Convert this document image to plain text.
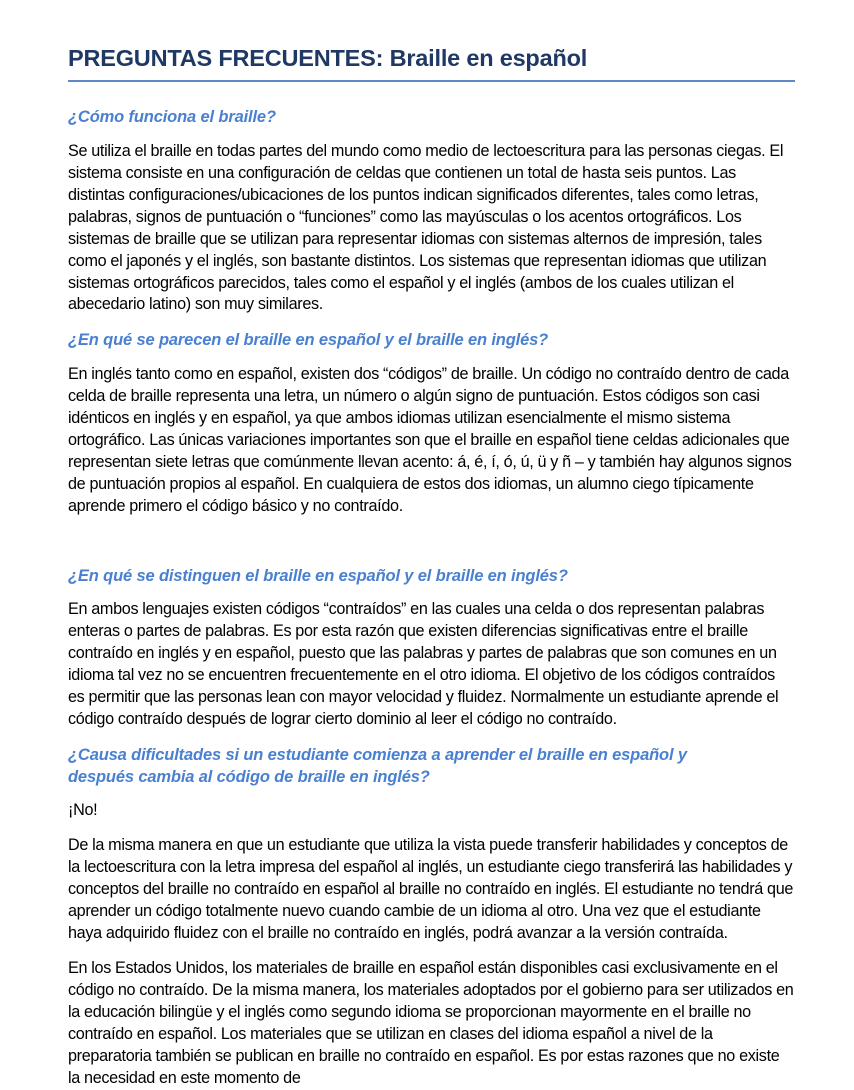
PREGUNTAS FRECUENTES: Braille en español
¿Cómo funciona el braille?

Se utiliza el braille en todas partes del mundo como medio de lectoescritura para las personas ciegas. El sistema consiste en una configuración de celdas que contienen un total de hasta seis puntos. Las distintas configuraciones/ubicaciones de los puntos indican significados diferentes, tales como letras, palabras, signos de puntuación o “funciones” como las mayúsculas o los acentos ortográficos. Los sistemas de braille que se utilizan para representar idiomas con sistemas alternos de impresión, tales como el japonés y el inglés, son bastante distintos. Los sistemas que representan idiomas que utilizan sistemas ortográficos parecidos, tales como el español y el inglés (ambos de los cuales utilizan el abecedario latino) son muy similares.

¿En qué se parecen el braille en español y el braille en inglés?

En inglés tanto como en español, existen dos “códigos” de braille. Un código no contraído dentro de cada celda de braille representa una letra, un número o algún signo de puntuación. Estos códigos son casi idénticos en inglés y en español, ya que ambos idiomas utilizan esencialmente el mismo sistema ortográfico. Las únicas variaciones importantes son que el braille en español tiene celdas adicionales que representan siete letras que comúnmente llevan acento: á, é, í, ó, ú, ü y ñ – y también hay algunos signos de puntuación propios al español. En cualquiera de estos dos idiomas, un alumno ciego típicamente aprende primero el código básico y no contraído.

¿En qué se distinguen el braille en español y el braille en inglés?

En ambos lenguajes existen códigos “contraídos” en las cuales una celda o dos representan palabras enteras o partes de palabras. Es por esta razón que existen diferencias significativas entre el braille contraído en inglés y en español, puesto que las palabras y partes de palabras que son comunes en un idioma tal vez no se encuentren frecuentemente en el otro idioma. El objetivo de los códigos contraídos es permitir que las personas lean con mayor velocidad y fluidez. Normalmente un estudiante aprende el código contraído después de lograr cierto dominio al leer el código no contraído.

¿Causa dificultades si un estudiante comienza a aprender el braille en español y
después cambia al código de braille en inglés?

¡No!

De la misma manera en que un estudiante que utiliza la vista puede transferir habilidades y conceptos de la lectoescritura con la letra impresa del español al inglés, un estudiante ciego transferirá las habilidades y conceptos del braille no contraído en español al braille no contraído en inglés. El estudiante no tendrá que aprender un código totalmente nuevo cuando cambie de un idioma al otro. Una vez que el estudiante haya adquirido fluidez con el braille no contraído en inglés, podrá avanzar a la versión contraída.

En los Estados Unidos, los materiales de braille en español están disponibles casi exclusivamente en el código no contraído. De la misma manera, los materiales adoptados por el gobierno para ser utilizados en la educación bilingüe y el inglés como segundo idioma se proporcionan mayormente en el braille no contraído en español. Los materiales que se utilizan en clases del idioma español a nivel de la preparatoria también se publican en braille no contraído en español. Es por estas razones que no existe la necesidad en este momento de
